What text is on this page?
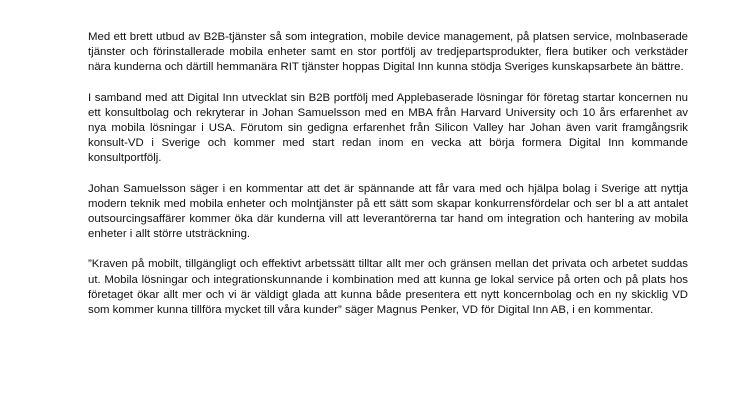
Med ett brett utbud av B2B-tjänster så som integration, mobile device management, på platsen service, molnbaserade tjänster och förinstallerade mobila enheter samt en stor portfölj av tredjepartsprodukter, flera butiker och verkstäder nära kunderna och därtill hemmanära RIT tjänster hoppas Digital Inn kunna stödja Sveriges kunskapsarbete än bättre.

I samband med att Digital Inn utvecklat sin B2B portfölj med Applebaserade lösningar för företag startar koncernen nu ett konsultbolag och rekryterar in Johan Samuelsson med en MBA från Harvard University och 10 års erfarenhet av nya mobila lösningar i USA. Förutom sin gedigna erfarenhet från Silicon Valley har Johan även varit framgångsrik konsult-VD i Sverige och kommer med start redan inom en vecka att börja formera Digital Inn kommande konsultportfölj.

Johan Samuelsson säger i en kommentar att det är spännande att får vara med och hjälpa bolag i Sverige att nyttja modern teknik med mobila enheter och molntjänster på ett sätt som skapar konkurrensfördelar och ser bl a att antalet outsourcingsaffärer kommer öka där kunderna vill att leverantörerna tar hand om integration och hantering av mobila enheter i allt större utsträckning.

”Kraven på mobilt, tillgängligt och effektivt arbetssätt tilltar allt mer och gränsen mellan det privata och arbetet suddas ut. Mobila lösningar och integrationskunnande i kombination med att kunna ge lokal service på orten och på plats hos företaget ökar allt mer och vi är väldigt glada att kunna både presentera ett nytt koncernbolag och en ny skicklig VD som kommer kunna tillföra mycket till våra kunder” säger Magnus Penker, VD för Digital Inn AB, i en kommentar.
